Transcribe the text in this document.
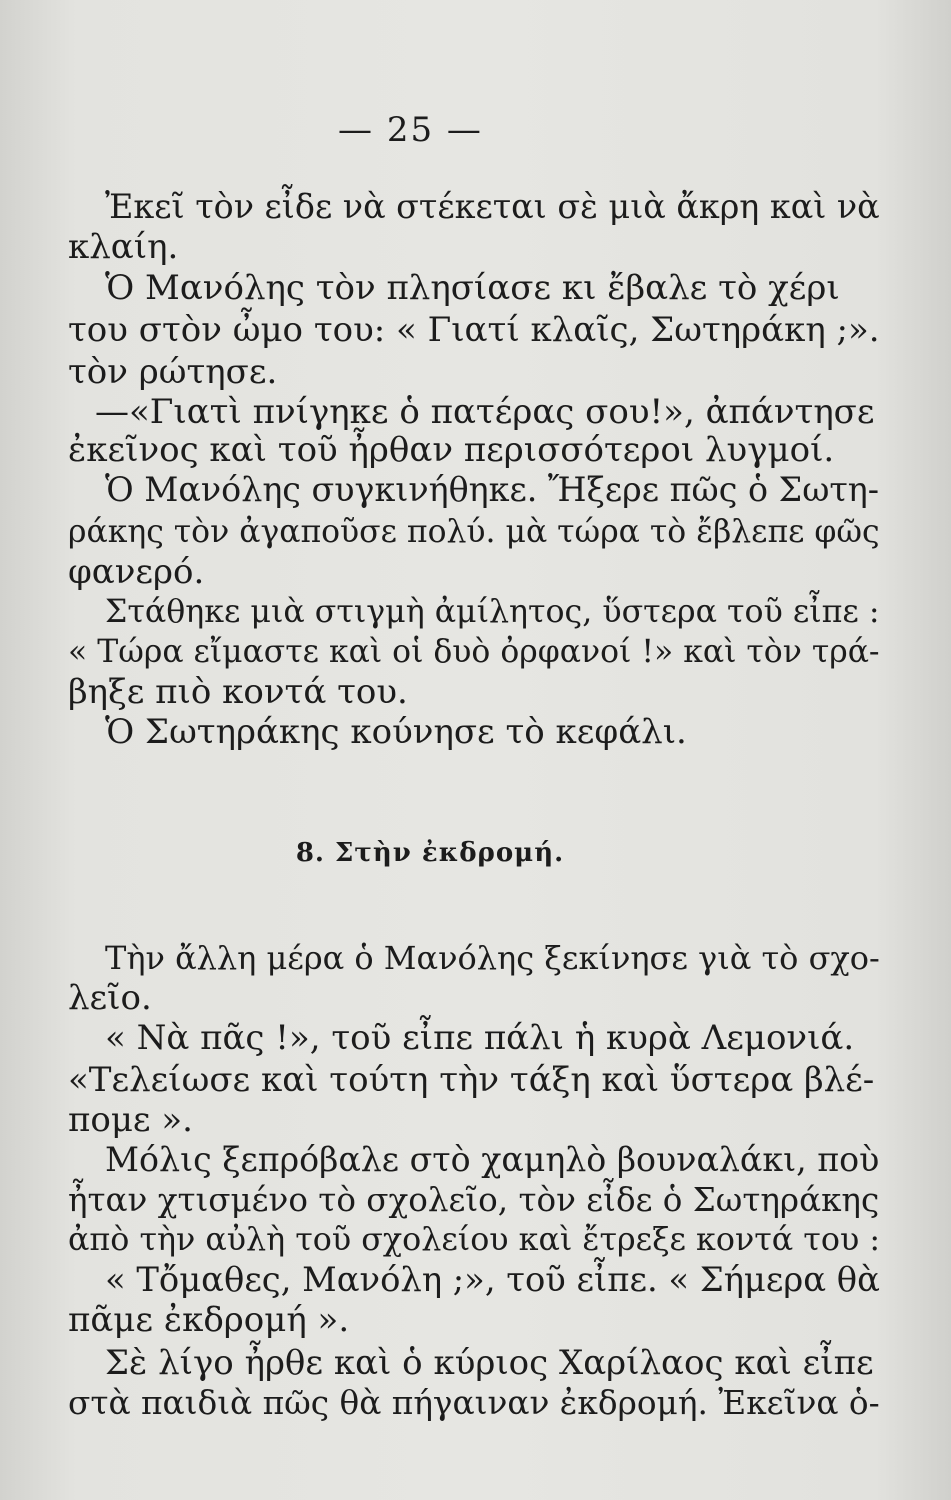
— 25 —
Ἐκεῖ τὸν εἶδε νὰ στέκεται σὲ μιὰ ἄκρη καὶ νὰ
κλαίη.
Ὁ Μανόλης τὸν πλησίασε κι ἔβαλε τὸ χέρι
του στὸν ὦμο του: « Γιατί κλαῖς, Σωτηράκη ;».
τὸν ρώτησε.
—«Γιατὶ πνίγηκε ὁ πατέρας σου!», ἀπάντησε
ἐκεῖνος καὶ τοῦ ἦρθαν περισσότεροι λυγμοί.
Ὁ Μανόλης συγκινήθηκε. Ἤξερε πῶς ὁ Σωτη-
ράκης τὸν ἀγαποῦσε πολύ. μὰ τώρα τὸ ἔβλεπε φῶς
φανερό.
Στάθηκε μιὰ στιγμὴ ἀμίλητος, ὕστερα τοῦ εἶπε :
« Τώρα εἴμαστε καὶ οἱ δυὸ ὀρφανοί !» καὶ τὸν τρά-
βηξε πιὸ κοντά του.
Ὁ Σωτηράκης κούνησε τὸ κεφάλι.
8. Στὴν ἐκδρομή.
Τὴν ἄλλη μέρα ὁ Μανόλης ξεκίνησε γιὰ τὸ σχο-
λεῖο.
« Νὰ πᾶς !», τοῦ εἶπε πάλι ἡ κυρὰ Λεμονιά.
«Τελείωσε καὶ τούτη τὴν τάξη καὶ ὕστερα βλέ-
πομε ».
Μόλις ξεπρόβαλε στὸ χαμηλὸ βουναλάκι, ποὺ
ἦταν χτισμένο τὸ σχολεῖο, τὸν εἶδε ὁ Σωτηράκης
ἀπὸ τὴν αὐλὴ τοῦ σχολείου καὶ ἔτρεξε κοντά του :
« Τὄμαθες, Μανόλη ;», τοῦ εἶπε. « Σήμερα θὰ
πᾶμε ἐκδρομή ».
Σὲ λίγο ἦρθε καὶ ὁ κύριος Χαρίλαος καὶ εἶπε
στὰ παιδιὰ πῶς θὰ πήγαιναν ἐκδρομή. Ἐκεῖνα ὁ-
